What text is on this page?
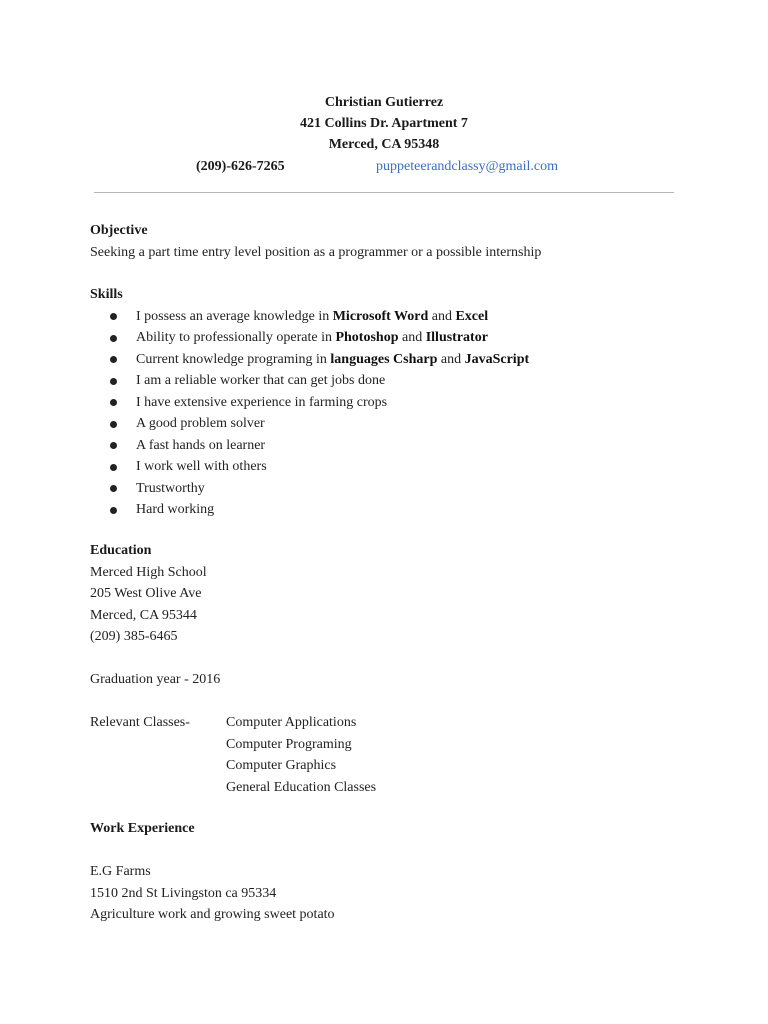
Christian Gutierrez
421 Collins Dr. Apartment 7
Merced, CA 95348
(209)-626-7265	puppeteerandclassy@gmail.com
Objective
Seeking a part time entry level position as a programmer or a possible internship
Skills
I possess an average knowledge in Microsoft Word and Excel
Ability to professionally operate in Photoshop and Illustrator
Current knowledge programing in languages Csharp and JavaScript
I am a reliable worker that can get jobs done
I have extensive experience in farming crops
A good problem solver
A fast hands on learner
I work well with others
Trustworthy
Hard working
Education
Merced High School
205 West Olive Ave
Merced, CA 95344
(209) 385-6465
Graduation year - 2016
Relevant Classes-	Computer Applications
Computer Programing
Computer Graphics
General Education Classes
Work Experience
E.G Farms
1510 2nd St Livingston ca 95334
Agriculture work and growing sweet potato
